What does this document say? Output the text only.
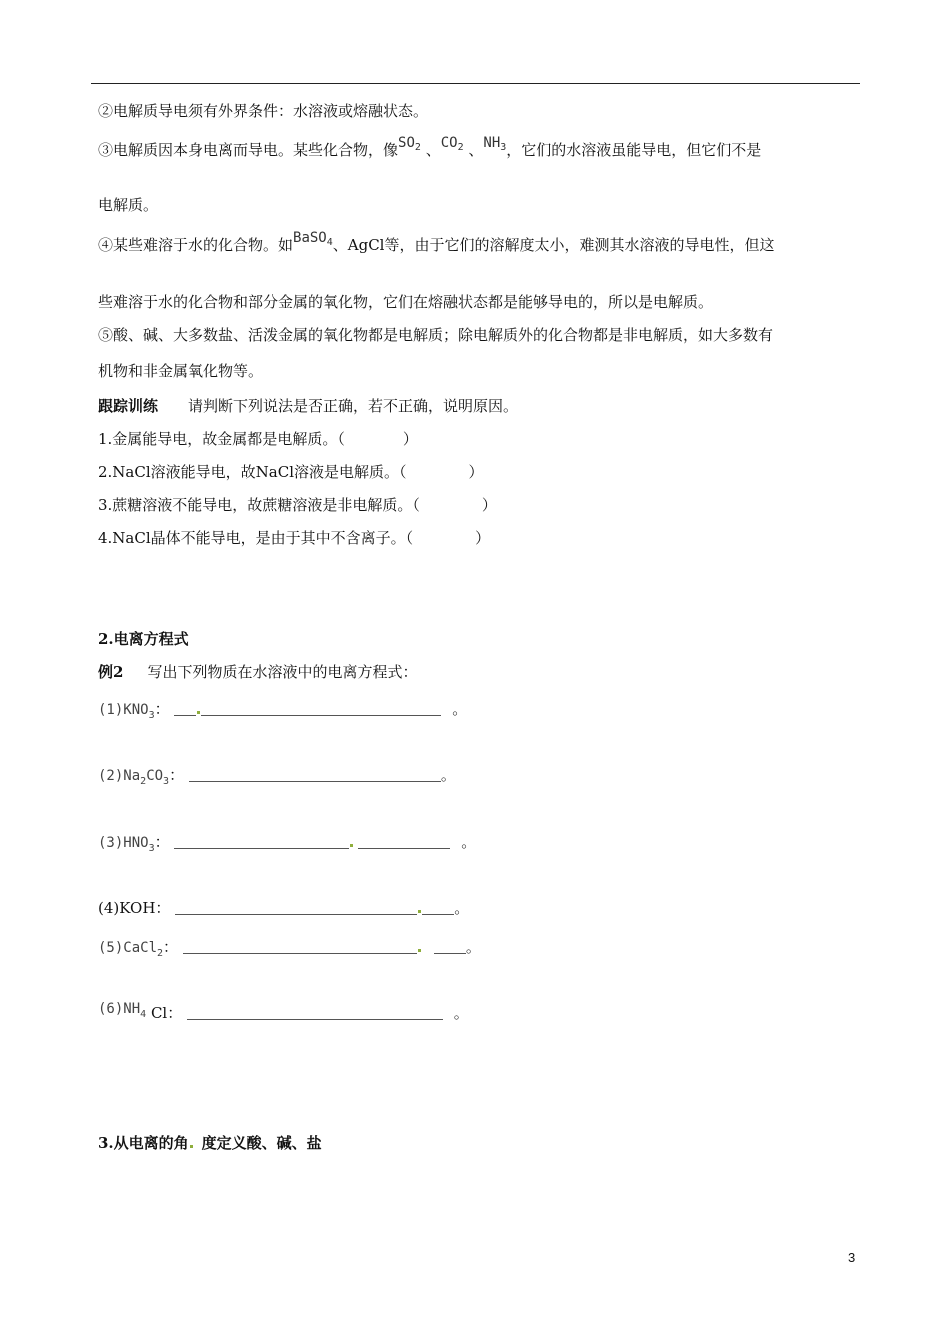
②电解质导电须有外界条件：水溶液或熔融状态。
③电解质因本身电离而导电。某些化合物，像$SO_2$ 、$CO_2$ 、$NH_3$，它们的水溶液虽能导电，但它们不是
电解质。
④某些难溶于水的化合物。如BaSO$_4$、AgCl等，由于它们的溶解度太小，难测其水溶液的导电性，但这
些难溶于水的化合物和部分金属的氧化物，它们在熔融状态都是能够导电的，所以是电解质。
⑤酸、碱、大多数盐、活泼金属的氧化物都是电解质；除电解质外的化合物都是非电解质，如大多数有
机物和非金属氧化物等。
跟踪训练 请判断下列说法是否正确，若不正确，说明原因。
1.金属能导电，故金属都是电解质。（	）
2.NaCl溶液能导电，故NaCl溶液是电解质。（	）
3.蔗糖溶液不能导电，故蔗糖溶液是非电解质。（	）
4.NaCl晶体不能导电，是由于其中不含离子。（	）
2.电离方程式
例2 写出下列物质在水溶液中的电离方程式：
$(1)KNO_3$：	。
$(2)Na_2CO_3$：	。
$(3)HNO_3$：	。
(4)KOH：	。
(5)CaCl$_2$：	。
$(6)NH_4$ Cl：	。
3.从电离的角 度定义酸、碱、盐
3
